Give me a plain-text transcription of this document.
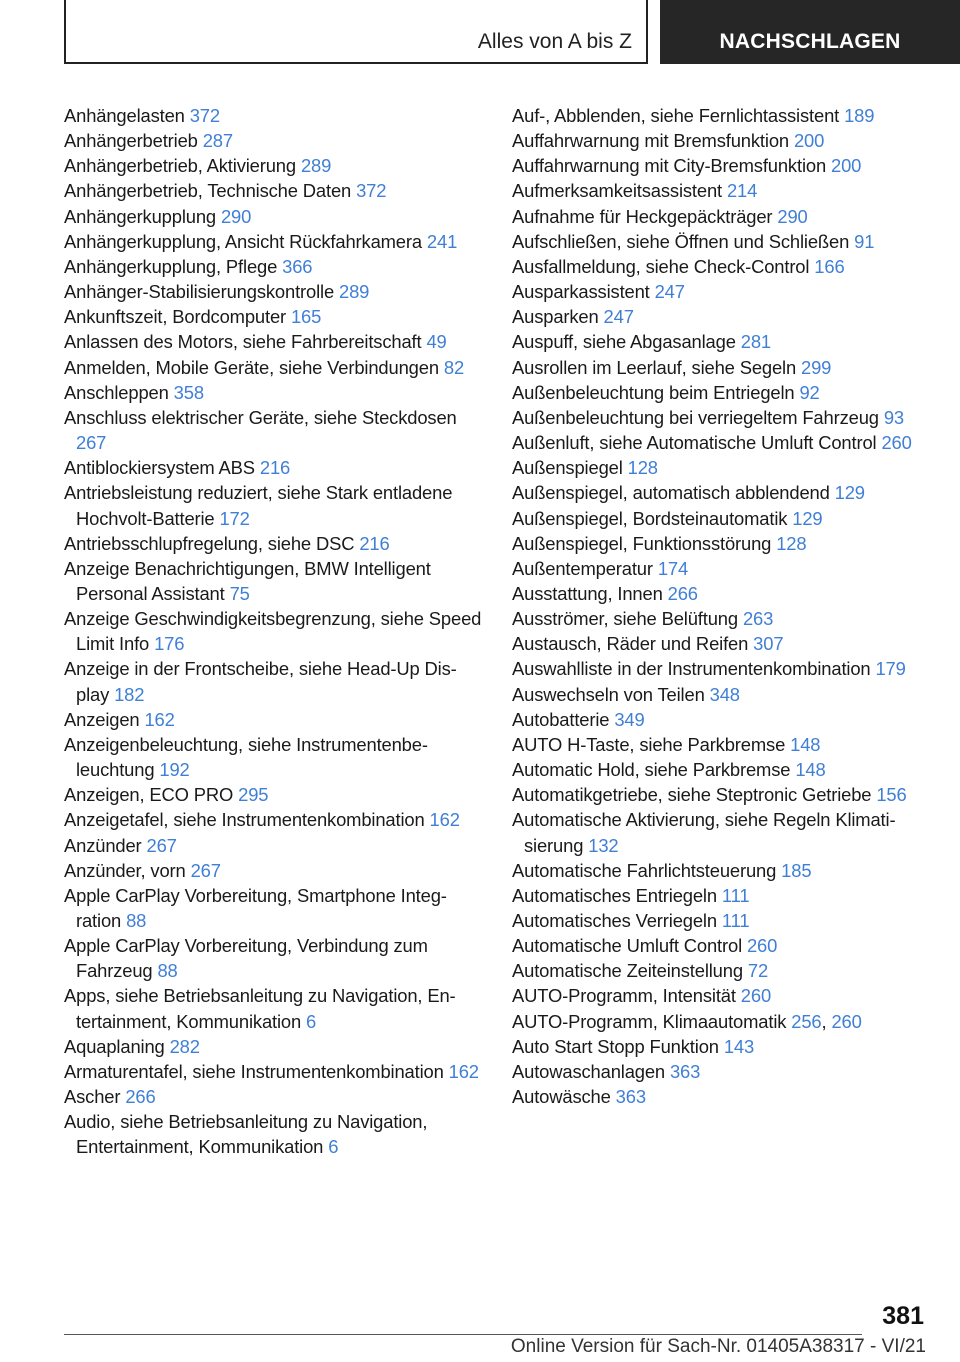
Alles von A bis Z	NACHSCHLAGEN
Anhängelasten 372
Anhängerbetrieb 287
Anhängerbetrieb, Aktivierung 289
Anhängerbetrieb, Technische Daten 372
Anhängerkupplung 290
Anhängerkupplung, Ansicht Rückfahrkamera 241
Anhängerkupplung, Pflege 366
Anhänger-Stabilisierungskontrolle 289
Ankunftszeit, Bordcomputer 165
Anlassen des Motors, siehe Fahrbereitschaft 49
Anmelden, Mobile Geräte, siehe Verbindungen 82
Anschleppen 358
Anschluss elektrischer Geräte, siehe Steckdosen 267
Antiblockiersystem ABS 216
Antriebsleistung reduziert, siehe Stark entladene Hochvolt-Batterie 172
Antriebsschlupfregelung, siehe DSC 216
Anzeige Benachrichtigungen, BMW Intelligent Personal Assistant 75
Anzeige Geschwindigkeitsbegrenzung, siehe Speed Limit Info 176
Anzeige in der Frontscheibe, siehe Head-Up Display 182
Anzeigen 162
Anzeigenbeleuchtung, siehe Instrumentenbeleuchtung 192
Anzeigen, ECO PRO 295
Anzeigetafel, siehe Instrumentenkombination 162
Anzünder 267
Anzünder, vorn 267
Apple CarPlay Vorbereitung, Smartphone Integration 88
Apple CarPlay Vorbereitung, Verbindung zum Fahrzeug 88
Apps, siehe Betriebsanleitung zu Navigation, Entertainment, Kommunikation 6
Aquaplaning 282
Armaturentafel, siehe Instrumentenkombination 162
Ascher 266
Audio, siehe Betriebsanleitung zu Navigation, Entertainment, Kommunikation 6
Auf-, Abblenden, siehe Fernlichtassistent 189
Auffahrwarnung mit Bremsfunktion 200
Auffahrwarnung mit City-Bremsfunktion 200
Aufmerksamkeitsassistent 214
Aufnahme für Heckgepäckträger 290
Aufschließen, siehe Öffnen und Schließen 91
Ausfallmeldung, siehe Check-Control 166
Ausparkassistent 247
Ausparken 247
Auspuff, siehe Abgasanlage 281
Ausrollen im Leerlauf, siehe Segeln 299
Außenbeleuchtung beim Entriegeln 92
Außenbeleuchtung bei verriegeltem Fahrzeug 93
Außenluft, siehe Automatische Umluft Control 260
Außenspiegel 128
Außenspiegel, automatisch abblendend 129
Außenspiegel, Bordsteinautomatik 129
Außenspiegel, Funktionsstörung 128
Außentemperatur 174
Ausstattung, Innen 266
Ausströmer, siehe Belüftung 263
Austausch, Räder und Reifen 307
Auswahlliste in der Instrumentenkombination 179
Auswechseln von Teilen 348
Autobatterie 349
AUTO H-Taste, siehe Parkbremse 148
Automatic Hold, siehe Parkbremse 148
Automatikgetriebe, siehe Steptronic Getriebe 156
Automatische Aktivierung, siehe Regeln Klimatisierung 132
Automatische Fahrlichtsteuerung 185
Automatisches Entriegeln 111
Automatisches Verriegeln 111
Automatische Umluft Control 260
Automatische Zeiteinstellung 72
AUTO-Programm, Intensität 260
AUTO-Programm, Klimaautomatik 256, 260
Auto Start Stopp Funktion 143
Autowaschanlagen 363
Autowäsche 363
381
Online Version für Sach-Nr. 01405A38317 - VI/21
